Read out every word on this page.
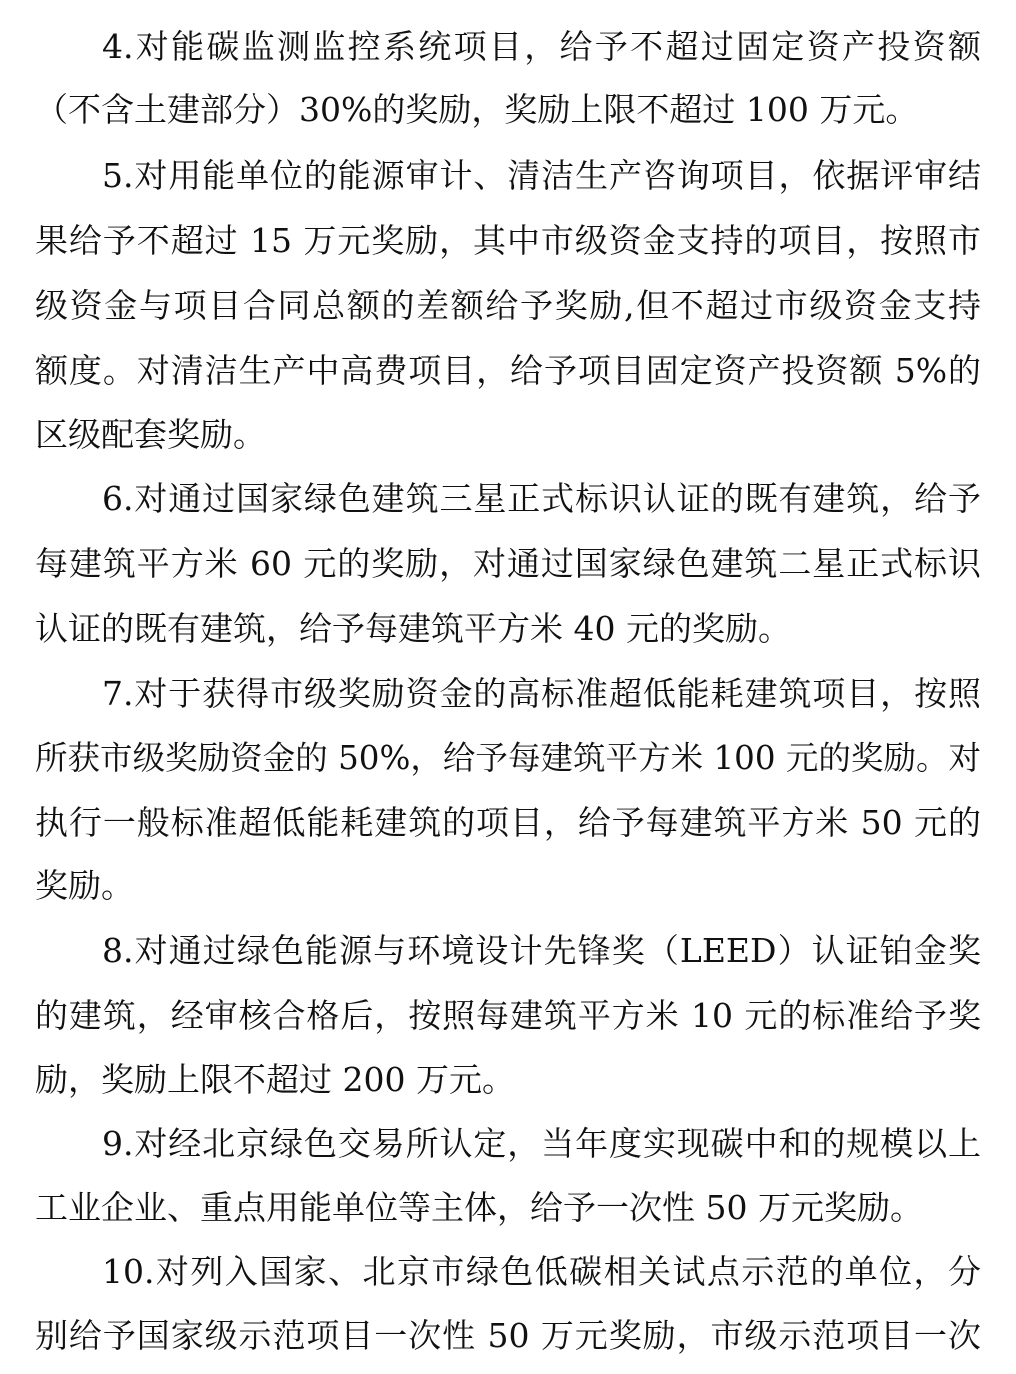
4.对能碳监测监控系统项目，给予不超过固定资产投资额
（不含土建部分）30%的奖励，奖励上限不超过 100 万元。
5.对用能单位的能源审计、清洁生产咨询项目，依据评审结
果给予不超过 15 万元奖励，其中市级资金支持的项目，按照市
级资金与项目合同总额的差额给予奖励,但不超过市级资金支持
额度。对清洁生产中高费项目，给予项目固定资产投资额 5%的
区级配套奖励。
6.对通过国家绿色建筑三星正式标识认证的既有建筑，给予
每建筑平方米 60 元的奖励，对通过国家绿色建筑二星正式标识
认证的既有建筑，给予每建筑平方米 40 元的奖励。
7.对于获得市级奖励资金的高标准超低能耗建筑项目，按照
所获市级奖励资金的 50%，给予每建筑平方米 100 元的奖励。对
执行一般标准超低能耗建筑的项目，给予每建筑平方米 50 元的
奖励。
8.对通过绿色能源与环境设计先锋奖（LEED）认证铂金奖
的建筑，经审核合格后，按照每建筑平方米 10 元的标准给予奖
励，奖励上限不超过 200 万元。
9.对经北京绿色交易所认定，当年度实现碳中和的规模以上
工业企业、重点用能单位等主体，给予一次性 50 万元奖励。
10.对列入国家、北京市绿色低碳相关试点示范的单位，分
别给予国家级示范项目一次性 50 万元奖励，市级示范项目一次
